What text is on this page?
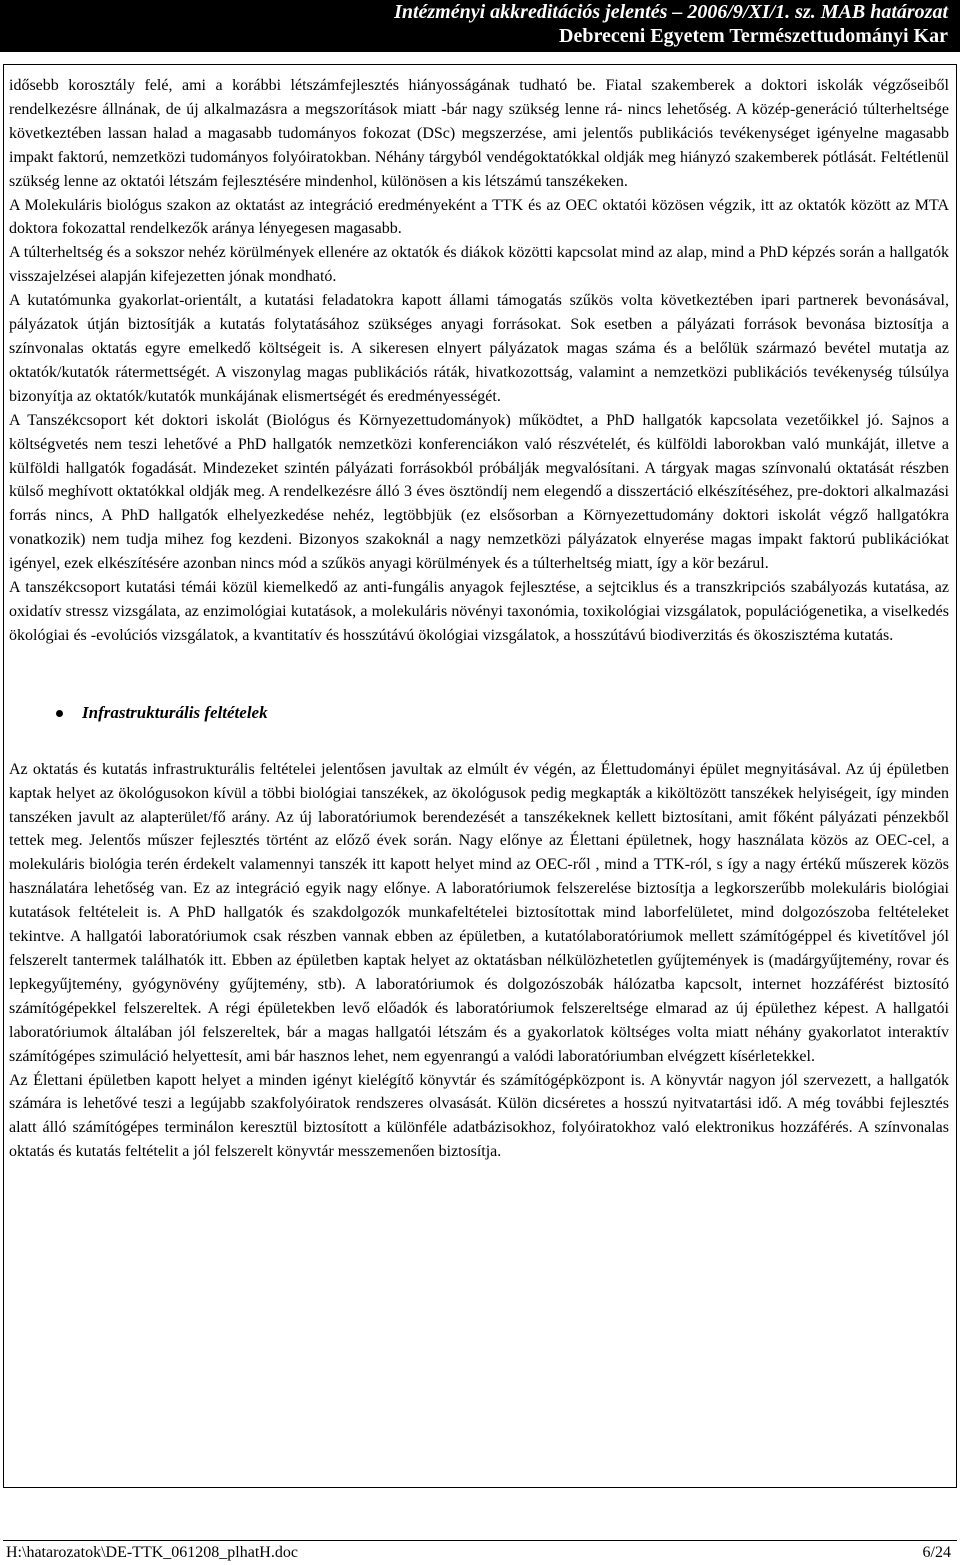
Intézményi akkreditációs jelentés – 2006/9/XI/1. sz. MAB határozat
Debreceni Egyetem Természettudományi Kar

idősebb korosztály felé, ami a korábbi létszámfejlesztés hiányosságának tudható be. Fiatal szakemberek a doktori iskolák végzőseiből rendelkezésre állnának, de új alkalmazásra a megszorítások miatt -bár nagy szükség lenne rá- nincs lehetőség. A közép-generáció túlterheltsége következtében lassan halad a magasabb tudományos fokozat (DSc) megszerzése, ami jelentős publikációs tevékenységet igényelne magasabb impakt faktorú, nemzetközi tudományos folyóiratokban. Néhány tárgyból vendégoktatókkal oldják meg hiányzó szakemberek pótlását. Feltétlenül szükség lenne az oktatói létszám fejlesztésére mindenhol, különösen a kis létszámú tanszékeken.

A Molekuláris biológus szakon az oktatást az integráció eredményeként a TTK és az OEC oktatói közösen végzik, itt az oktatók között az MTA doktora fokozattal rendelkezők aránya lényegesen magasabb.

A túlterheltség és a sokszor nehéz körülmények ellenére az oktatók és diákok közötti kapcsolat mind az alap, mind a PhD képzés során a hallgatók visszajelzései alapján kifejezetten jónak mondható.

A kutatómunka gyakorlat-orientált, a kutatási feladatokra kapott állami támogatás szűkös volta következtében ipari partnerek bevonásával, pályázatok útján biztosítják a kutatás folytatásához szükséges anyagi forrásokat. Sok esetben a pályázati források bevonása biztosítja a színvonalas oktatás egyre emelkedő költségeit is. A sikeresen elnyert pályázatok magas száma és a belőlük származó bevétel mutatja az oktatók/kutatók rátermettségét. A viszonylag magas publikációs ráták, hivatkozottság, valamint a nemzetközi publikációs tevékenység túlsúlya bizonyítja az oktatók/kutatók munkájának elismertségét és eredményességét.

A Tanszékcsoport két doktori iskolát (Biológus és Környezettudományok) működtet, a PhD hallgatók kapcsolata vezetőikkel jó. Sajnos a költségvetés nem teszi lehetővé a PhD hallgatók nemzetközi konferenciákon való részvételét, és külföldi laborokban való munkáját, illetve a külföldi hallgatók fogadását. Mindezeket szintén pályázati forrásokból próbálják megvalósítani. A tárgyak magas színvonalú oktatását részben külső meghívott oktatókkal oldják meg. A rendelkezésre álló 3 éves ösztöndíj nem elegendő a disszertáció elkészítéséhez, pre-doktori alkalmazási forrás nincs, A PhD hallgatók elhelyezkedése nehéz, legtöbbjük (ez elsősorban a Környezettudomány doktori iskolát végző hallgatókra vonatkozik) nem tudja mihez fog kezdeni. Bizonyos szakoknál a nagy nemzetközi pályázatok elnyerése magas impakt faktorú publikációkat igényel, ezek elkészítésére azonban nincs mód a szűkös anyagi körülmények és a túlterheltség miatt, így a kör bezárul.

A tanszékcsoport kutatási témái közül kiemelkedő az anti-fungális anyagok fejlesztése, a sejtciklus és a transzkripciós szabályozás kutatása, az oxidatív stressz vizsgálata, az enzimológiai kutatások, a molekuláris növényi taxonómia, toxikológiai vizsgálatok, populációgenetika, a viselkedés ökológiai és -evolúciós vizsgálatok, a kvantitatív és hosszútávú ökológiai vizsgálatok, a hosszútávú biodiverzitás és ökoszisztéma kutatás.

Infrastrukturális feltételek

Az oktatás és kutatás infrastrukturális feltételei jelentősen javultak az elmúlt év végén, az Élettudományi épület megnyitásával. Az új épületben kaptak helyet az ökológusokon kívül a többi biológiai tanszékek, az ökológusok pedig megkapták a kiköltözött tanszékek helyiségeit, így minden tanszéken javult az alapterület/fő arány. Az új laboratóriumok berendezését a tanszékeknek kellett biztosítani, amit főként pályázati pénzekből tettek meg. Jelentős műszer fejlesztés történt az előző évek során. Nagy előnye az Élettani épületnek, hogy használata közös az OEC-cel, a molekuláris biológia terén érdekelt valamennyi tanszék itt kapott helyet mind az OEC-ről , mind a TTK-ról, s így a nagy értékű műszerek közös használatára lehetőség van. Ez az integráció egyik nagy előnye. A laboratóriumok felszerelése biztosítja a legkorszerűbb molekuláris biológiai kutatások feltételeit is. A PhD hallgatók és szakdolgozók munkafeltételei biztosítottak mind laborfelületet, mind dolgozószoba feltételeket tekintve. A hallgatói laboratóriumok csak részben vannak ebben az épületben, a kutatólaboratóriumok mellett számítógéppel és kivetítővel jól felszerelt tantermek találhatók itt. Ebben az épületben kaptak helyet az oktatásban nélkülözhetetlen gyűjtemények is (madárgyűjtemény, rovar és lepkegyűjtemény, gyógynövény gyűjtemény, stb). A laboratóriumok és dolgozószobák hálózatba kapcsolt, internet hozzáférést biztosító számítógépekkel felszereltek. A régi épületekben levő előadók és laboratóriumok felszereltsége elmarad az új épülethez képest. A hallgatói laboratóriumok általában jól felszereltek, bár a magas hallgatói létszám és a gyakorlatok költséges volta miatt néhány gyakorlatot interaktív számítógépes szimuláció helyettesít, ami bár hasznos lehet, nem egyenrangú a valódi laboratóriumban elvégzett kísérletekkel.

Az Élettani épületben kapott helyet a minden igényt kielégítő könyvtár és számítógépközpont is. A könyvtár nagyon jól szervezett, a hallgatók számára is lehetővé teszi a legújabb szakfolyóiratok rendszeres olvasását. Külön dicséretes a hosszú nyitvatartási idő. A még további fejlesztés alatt álló számítógépes terminálon keresztül biztosított a különféle adatbázisokhoz, folyóiratokhoz való elektronikus hozzáférés. A színvonalas oktatás és kutatás feltételit a jól felszerelt könyvtár messzemenően biztosítja.

H:\hatarozatok\DE-TTK_061208_plhatH.doc	6/24
